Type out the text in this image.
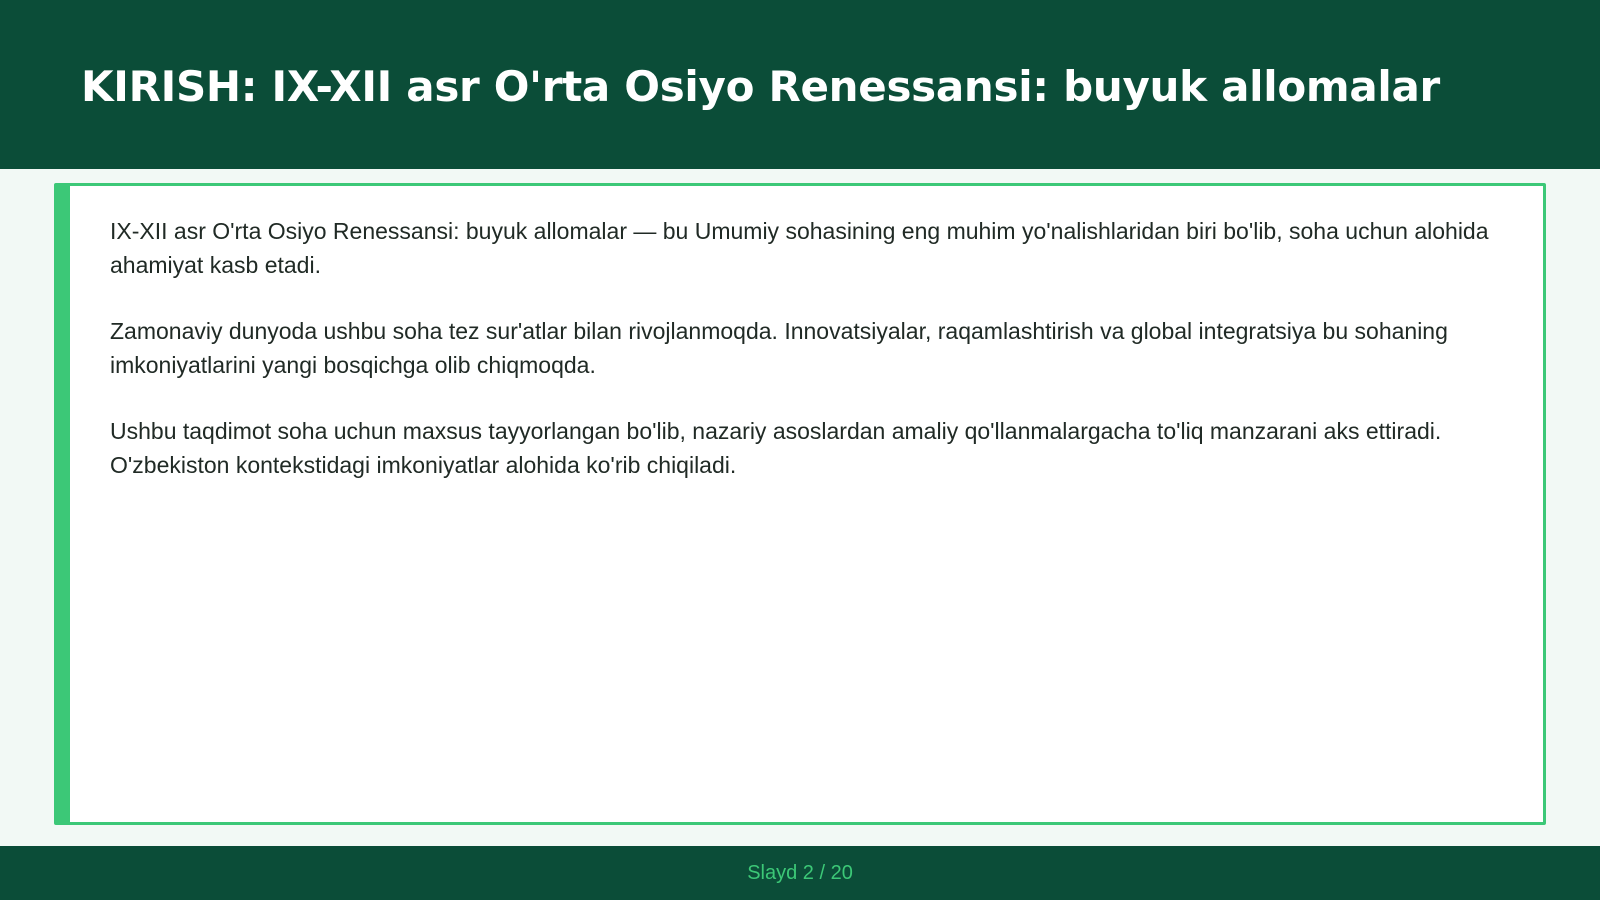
KIRISH: IX-XII asr O'rta Osiyo Renessansi: buyuk allomalar

IX-XII asr O'rta Osiyo Renessansi: buyuk allomalar — bu Umumiy sohasining eng muhim yo'nalishlaridan biri bo'lib, soha uchun alohida ahamiyat kasb etadi.

Zamonaviy dunyoda ushbu soha tez sur'atlar bilan rivojlanmoqda. Innovatsiyalar, raqamlashtirish va global integratsiya bu sohaning imkoniyatlarini yangi bosqichga olib chiqmoqda.

Ushbu taqdimot soha uchun maxsus tayyorlangan bo'lib, nazariy asoslardan amaliy qo'llanmalargacha to'liq manzarani aks ettiradi. O'zbekiston kontekstidagi imkoniyatlar alohida ko'rib chiqiladi.

Slayd 2 / 20
